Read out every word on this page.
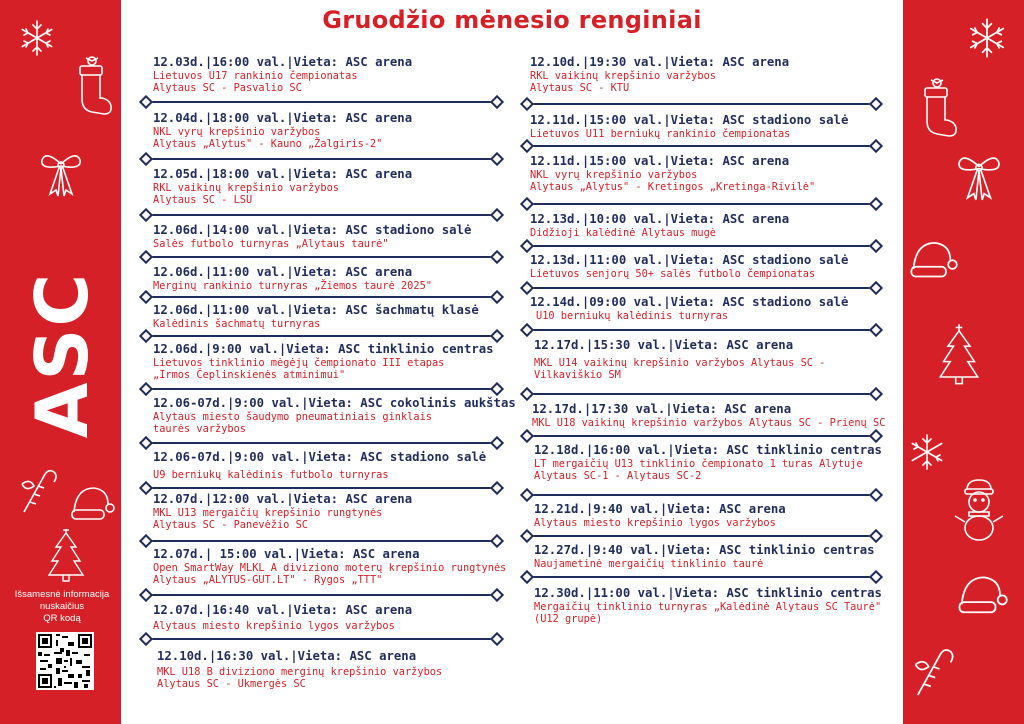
ASC
Išsamesnė informacija
nuskaičius
QR kodą
Gruodžio mėnesio renginiai
12.03d.|16:00 val.|Vieta: ASC arena
Lietuvos U17 rankinio čempionatas
Alytaus SC - Pasvalio SC
12.04d.|18:00 val.|Vieta: ASC arena
NKL vyrų krepšinio varžybos
Alytaus „Alytus" - Kauno „Žalgiris-2"
12.05d.|18:00 val.|Vieta: ASC arena
RKL vaikinų krepšinio varžybos
Alytaus SC - LSU
12.06d.|14:00 val.|Vieta: ASC stadiono salė
Salės futbolo turnyras „Alytaus taurė"
12.06d.|11:00 val.|Vieta: ASC arena
Merginų rankinio turnyras „Žiemos taurė 2025"
12.06d.|11:00 val.|Vieta: ASC šachmatų klasė
Kalėdinis šachmatų turnyras
12.06d.|9:00 val.|Vieta: ASC tinklinio centras
Lietuvos tinklinio mėgėjų čempionato III etapas
„Irmos Čeplinskienės atminimui"
12.06-07d.|9:00 val.|Vieta: ASC cokolinis aukštas
Alytaus miesto šaudymo pneumatiniais ginklais
taurės varžybos
12.06-07d.|9:00 val.|Vieta: ASC stadiono salė
U9 berniukų kalėdinis futbolo turnyras
12.07d.|12:00 val.|Vieta: ASC arena
MKL U13 mergaičių krepšinio rungtynės
Alytaus SC - Panevėžio SC
12.07d.| 15:00 val.|Vieta: ASC arena
Open SmartWay MLKL A diviziono moterų krepšinio rungtynės
Alytaus „ALYTUS-GUT.LT" - Rygos „TTT"
12.07d.|16:40 val.|Vieta: ASC arena
Alytaus miesto krepšinio lygos varžybos
12.10d.|16:30 val.|Vieta: ASC arena
MKL U18 B diviziono merginų krepšinio varžybos
Alytaus SC - Ukmergės SC
12.10d.|19:30 val.|Vieta: ASC arena
RKL vaikinų krepšinio varžybos
Alytaus SC - KTU
12.11d.|15:00 val.|Vieta: ASC stadiono salė
Lietuvos U11 berniukų rankinio čempionatas
12.11d.|15:00 val.|Vieta: ASC arena
NKL vyrų krepšinio varžybos
Alytaus „Alytus" - Kretingos „Kretinga-Rivilė"
12.13d.|10:00 val.|Vieta: ASC arena
Didžioji kalėdinė Alytaus mugė
12.13d.|11:00 val.|Vieta: ASC stadiono salė
Lietuvos senjorų 50+ salės futbolo čempionatas
12.14d.|09:00 val.|Vieta: ASC stadiono salė
U10 berniukų kalėdinis turnyras
12.17d.|15:30 val.|Vieta: ASC arena
MKL U14 vaikinų krepšinio varžybos Alytaus SC -
Vilkaviškio SM
12.17d.|17:30 val.|Vieta: ASC arena
MKL U18 vaikinų krepšinio varžybos Alytaus SC - Prienų SC
12.18d.|16:00 val.|Vieta: ASC tinklinio centras
LT mergaičių U13 tinklinio čempionato 1 turas Alytuje
Alytaus SC-1 - Alytaus SC-2
12.21d.|9:40 val.|Vieta: ASC arena
Alytaus miesto krepšinio lygos varžybos
12.27d.|9:40 val.|Vieta: ASC tinklinio centras
Naujametinė mergaičių tinklinio taurė
12.30d.|11:00 val.|Vieta: ASC tinklinio centras
Mergaičių tinklinio turnyras „Kalėdinė Alytaus SC Taurė"
(U12 grupė)
